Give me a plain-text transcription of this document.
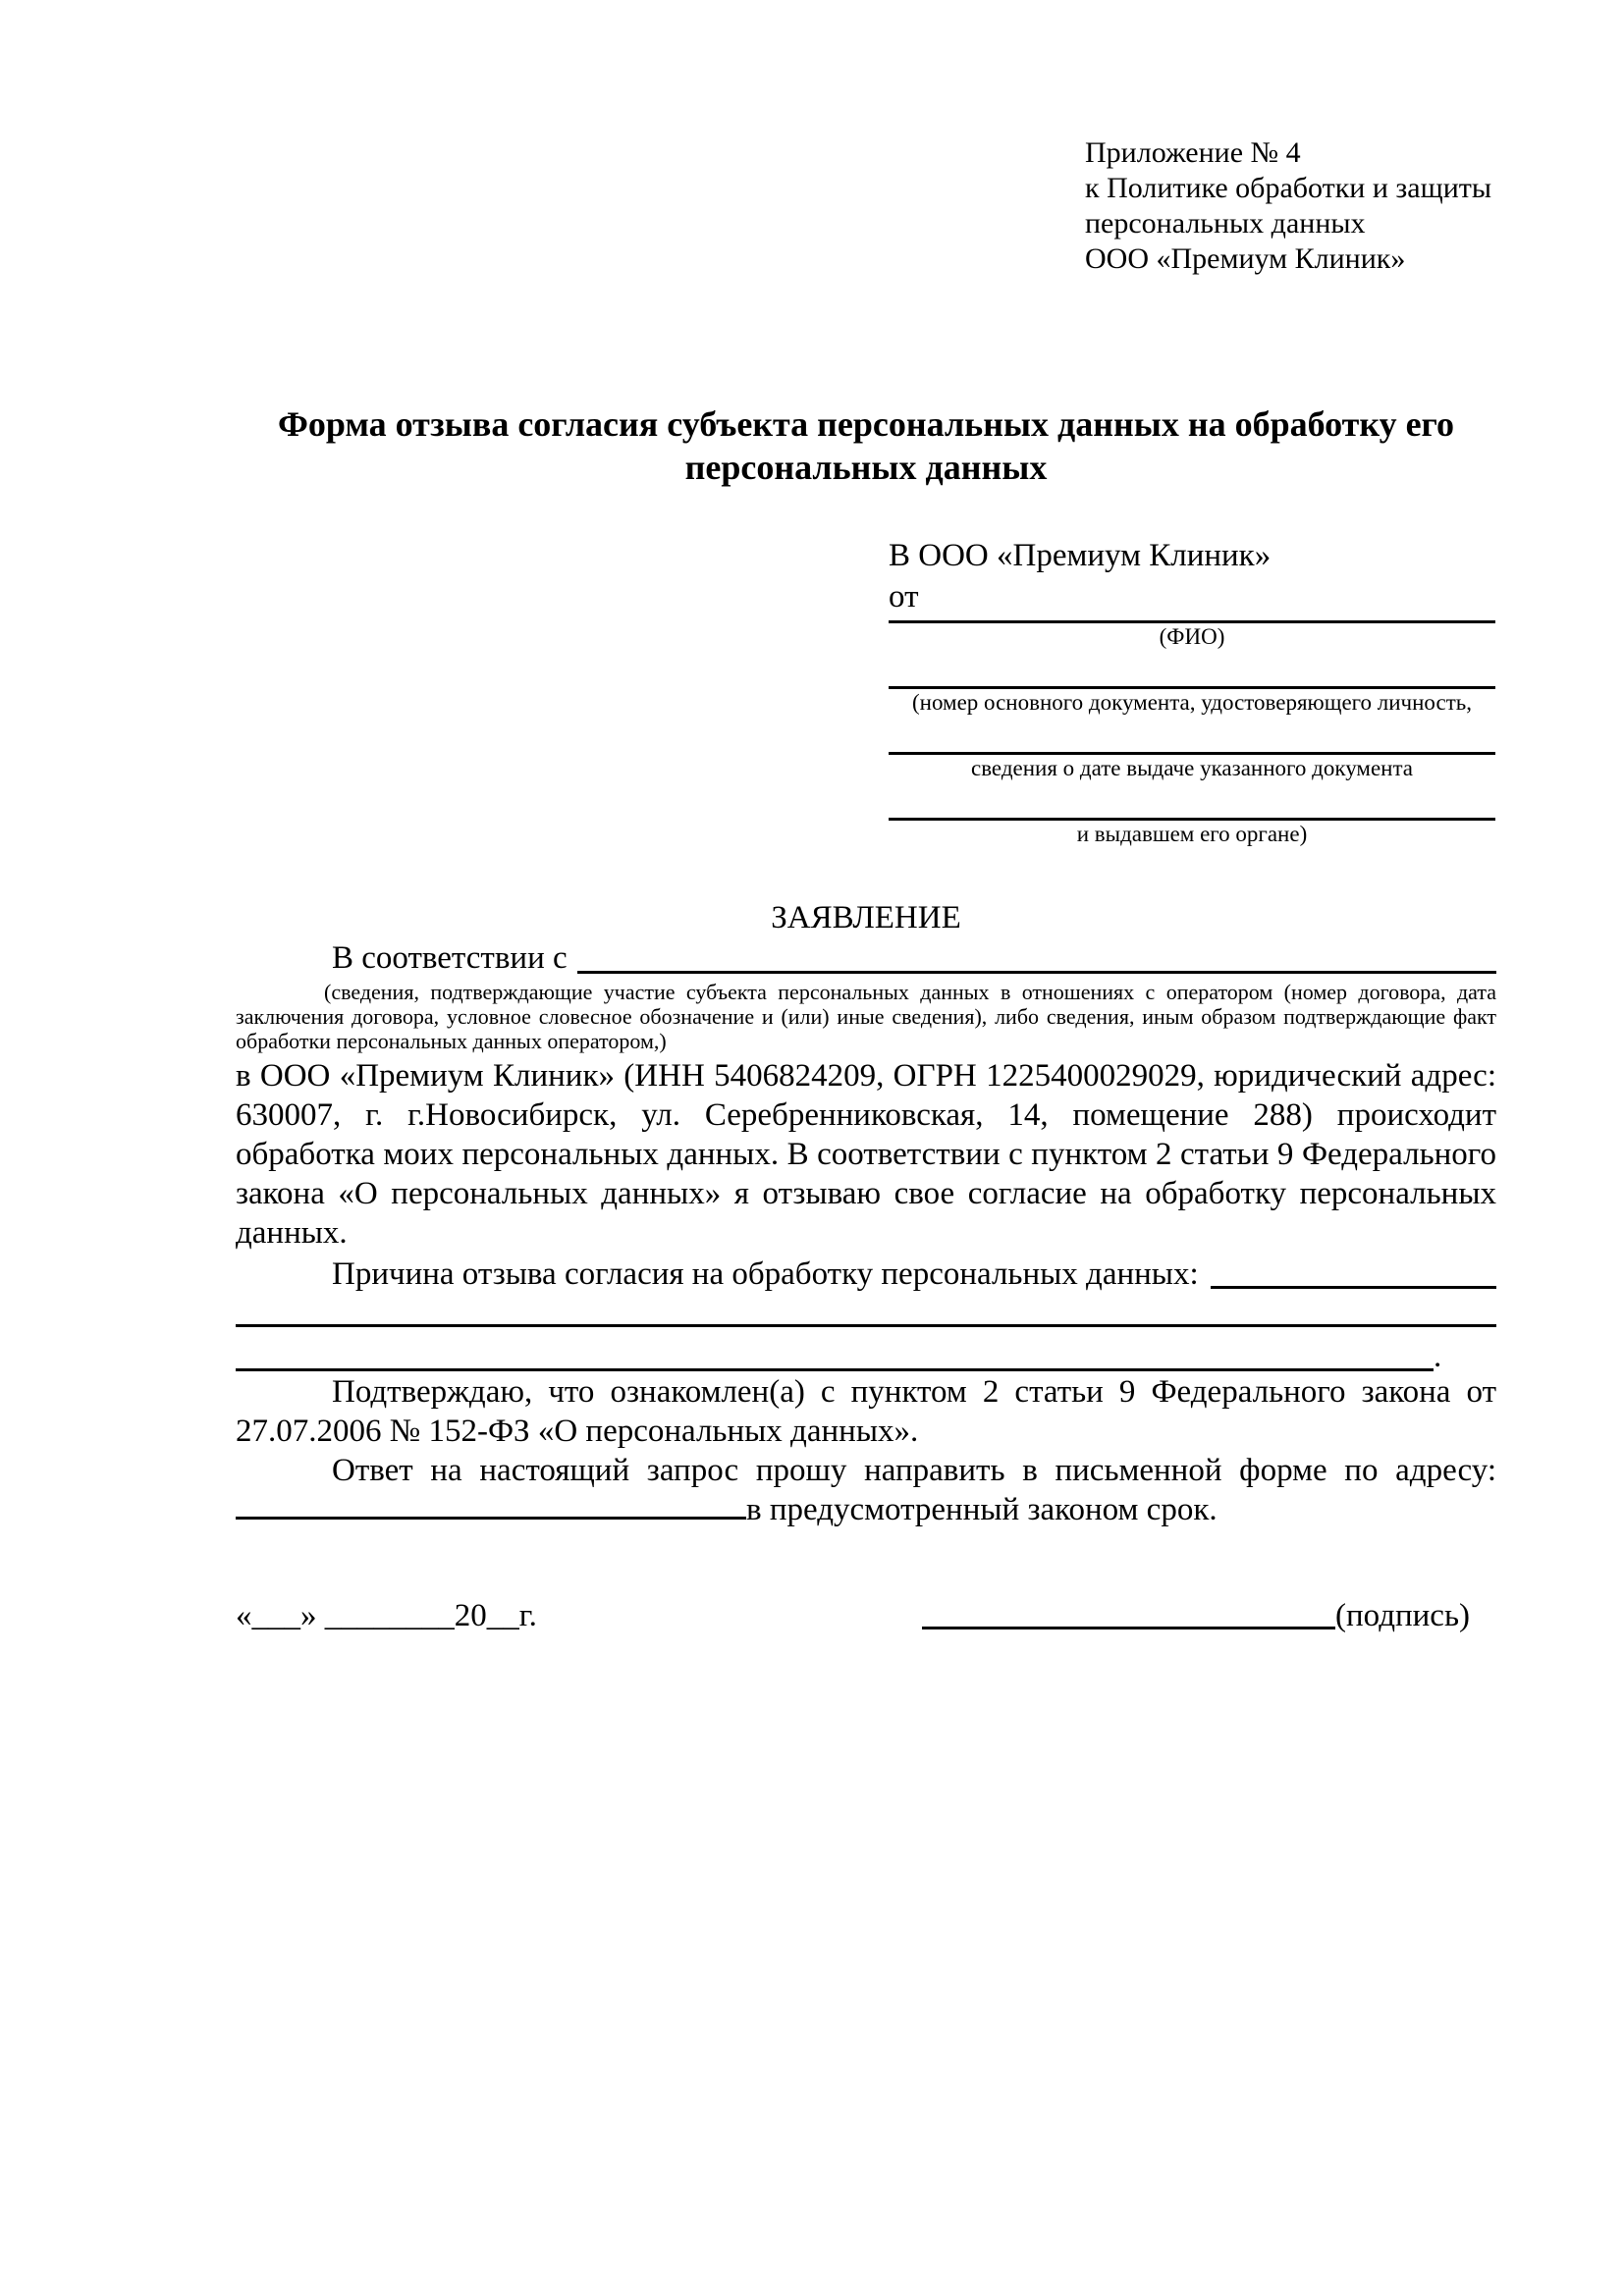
Приложение № 4
к Политике обработки и защиты
персональных данных
ООО «Премиум Клиник»
Форма отзыва согласия субъекта персональных данных на обработку его персональных данных
В ООО «Премиум Клиник»
от
(ФИО)
(номер основного документа, удостоверяющего личность,
сведения о дате выдаче указанного документа
и выдавшем его органе)
ЗАЯВЛЕНИЕ
В соответствии с
(сведения, подтверждающие участие субъекта персональных данных в отношениях с оператором (номер договора, дата заключения договора, условное словесное обозначение и (или) иные сведения), либо сведения, иным образом подтверждающие факт обработки персональных данных оператором,)
в ООО «Премиум Клиник» (ИНН 5406824209, ОГРН 1225400029029, юридический адрес: 630007, г. г.Новосибирск, ул. Серебренниковская, 14, помещение 288) происходит обработка моих персональных данных. В соответствии с пунктом 2 статьи 9 Федерального закона «О персональных данных» я отзываю свое согласие на обработку персональных данных.
Причина отзыва согласия на обработку персональных данных:
.

Подтверждаю, что ознакомлен(а) с пунктом 2 статьи 9 Федерального закона от 27.07.2006 № 152-ФЗ «О персональных данных».

Ответ на настоящий запрос прошу направить в письменной форме по адресу: в предусмотренный законом срок.

«___» ________20__г.	(подпись)
